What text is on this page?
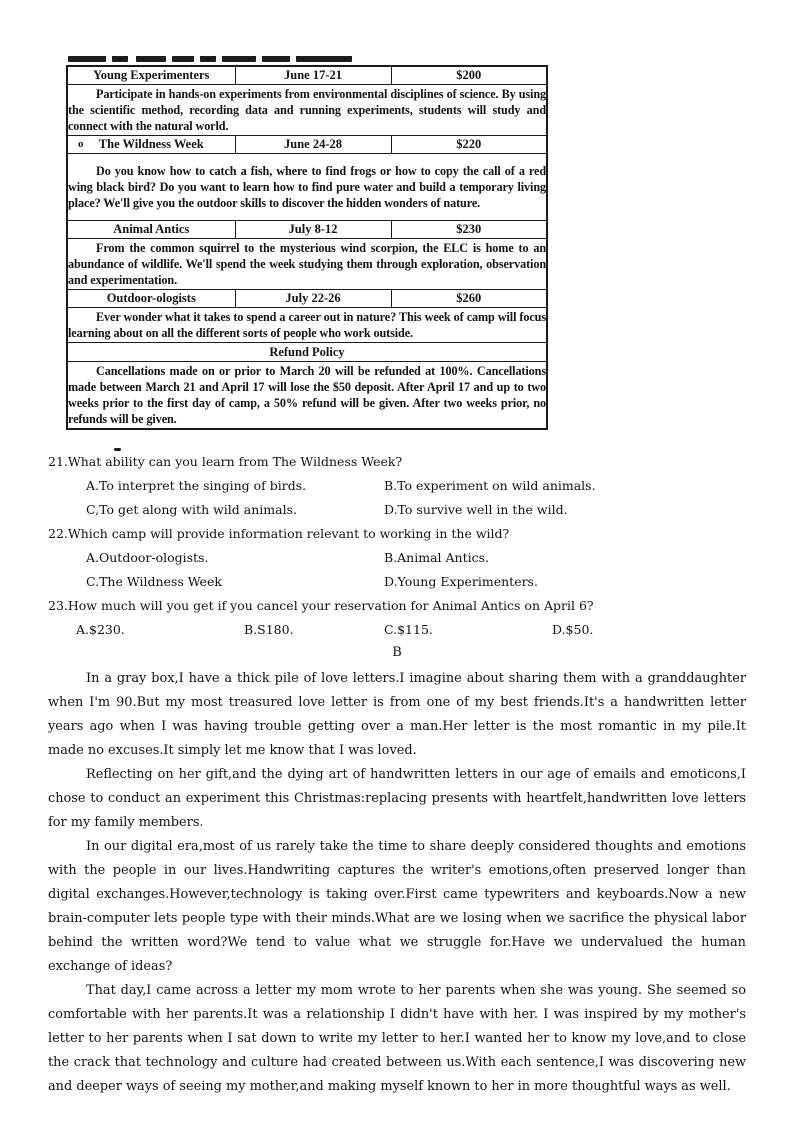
Young Experimenters	June 17-21	$200
Participate in hands-on experiments from environmental disciplines of science. By using the scientific method, recording data and running experiments, students will study and connect with the natural world.		

o The Wildness Week	June 24-28	$220
Do you know how to catch a fish, where to find frogs or how to copy the call of a red wing black bird? Do you want to learn how to find pure water and build a temporary living place? We'll give you the outdoor skills to discover the hidden wonders of nature.		
Animal Antics	July 8-12	$230
From the common squirrel to the mysterious wind scorpion, the ELC is home to an abundance of wildlife. We'll spend the week studying them through exploration, observation and experimentation.		
Outdoor-ologists	July 22-26	$260
Ever wonder what it takes to spend a career out in nature? This week of camp will focus learning about on all the different sorts of people who work outside.		
Refund Policy		
Cancellations made on or prior to March 20 will be refunded at 100%. Cancellations made between March 21 and April 17 will lose the $50 deposit. After April 17 and up to two weeks prior to the first day of camp, a 50% refund will be given. After two weeks prior, no refunds will be given.		
21.What ability can you learn from The Wildness Week?
A.To interpret the singing of birds.	B.To experiment on wild animals.
C,To get along with wild animals.	D.To survive well in the wild.
22.Which camp will provide information relevant to working in the wild?
A.Outdoor-ologists.	B.Animal Antics.
C.The Wildness Week	D.Young Experimenters.
23.How much will you get if you cancel your reservation for Animal Antics on April 6?
A.$230.	B.S180.	C.$115.	D.$50.
B

In a gray box,I have a thick pile of love letters.I imagine about sharing them with a granddaughter when I'm 90.But my most treasured love letter is from one of my best friends.It's a handwritten letter years ago when I was having trouble getting over a man.Her letter is the most romantic in my pile.It made no excuses.It simply let me know that I was loved.

Reflecting on her gift,and the dying art of handwritten letters in our age of emails and emoticons,I chose to conduct an experiment this Christmas:replacing presents with heartfelt,handwritten love letters for my family members.

In our digital era,most of us rarely take the time to share deeply considered thoughts and emotions with the people in our lives.Handwriting captures the writer's emotions,often preserved longer than digital exchanges.However,technology is taking over.First came typewriters and keyboards.Now a new brain-computer lets people type with their minds.What are we losing when we sacrifice the physical labor behind the written word?We tend to value what we struggle for.Have we undervalued the human exchange of ideas?

That day,I came across a letter my mom wrote to her parents when she was young. She seemed so comfortable with her parents.It was a relationship I didn't have with her. I was inspired by my mother's letter to her parents when I sat down to write my letter to her.I wanted her to know my love,and to close the crack that technology and culture had created between us.With each sentence,I was discovering new and deeper ways of seeing my mother,and making myself known to her in more thoughtful ways as well.
